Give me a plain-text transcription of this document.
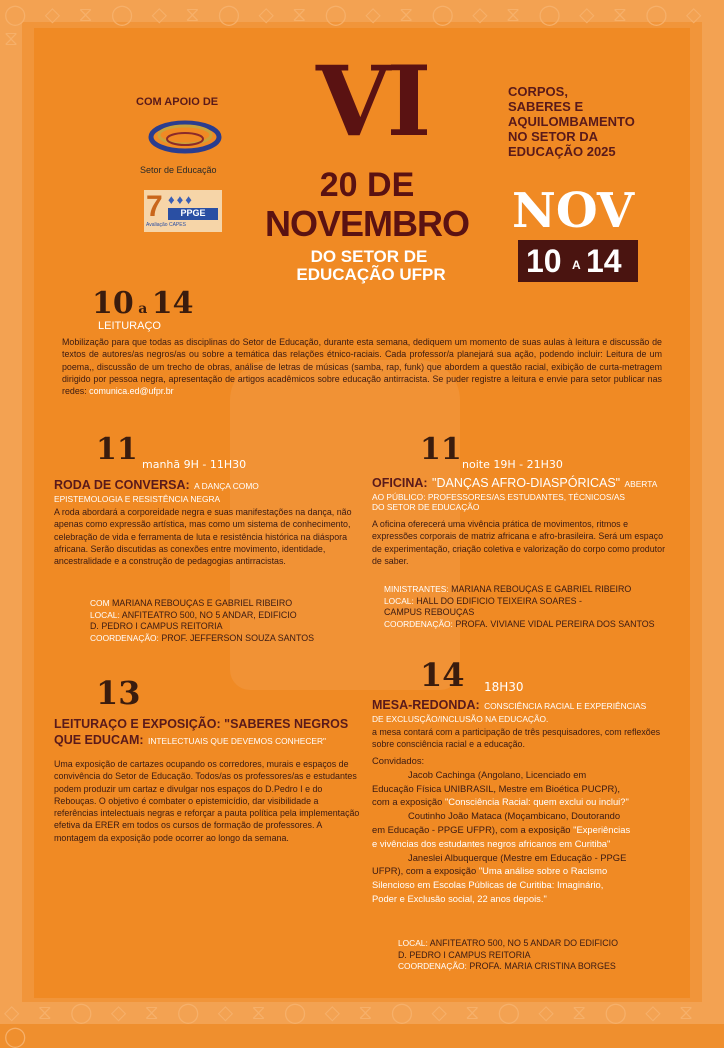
◯ ◇ ⧖ ◯ ◇ ⧖ ◯ ◇ ⧖ ◯ ◇ ⧖ ◯ ◇ ⧖ ◯ ◇ ⧖ ◯ ◇ ⧖
◇ ⧖ ◯ ◇ ⧖ ◯ ◇ ⧖ ◯ ◇ ⧖ ◯ ◇ ⧖ ◯ ◇ ⧖ ◯ ◇ ⧖ ◯
COM APOIO DE
Setor de Educação
7 ♦♦♦
PPGE
Avaliação CAPES
VI
20 DE
NOVEMBRO
DO SETOR DE
EDUCAÇÃO UFPR
CORPOS,
SABERES E
AQUILOMBAMENTO
NO SETOR DA
EDUCAÇÃO 2025
NOV
10 A 14
10 a 14
LEITURAÇO
Mobilização para que todas as disciplinas do Setor de Educação, durante esta semana, dediquem um momento de suas aulas à leitura e discussão de textos de autores/as negros/as ou sobre a temática das relações étnico-raciais. Cada professor/a planejará sua ação, podendo incluir: Leitura de um poema,, discussão de um trecho de obras, análise de letras de músicas (samba, rap, funk) que abordem a questão racial, exibição de curta-metragem dirigido por pessoa negra, apresentação de artigos acadêmicos sobre educação antirracista. Se puder registre a leitura e envie para setor publicar nas redes: comunica.ed@ufpr.br
11 manhã 9H - 11H30
RODA DE CONVERSA: A DANÇA COMO
EPISTEMOLOGIA E RESISTÊNCIA NEGRA
A roda abordará a corporeidade negra e suas manifestações na dança, não apenas como expressão artística, mas como um sistema de conhecimento, celebração de vida e ferramenta de luta e resistência histórica na diáspora africana. Serão discutidas as conexões entre movimento, identidade, ancestralidade e a construção de pedagogias antirracistas.
COM MARIANA REBOUÇAS E GABRIEL RIBEIRO
LOCAL: ANFITEATRO 500, NO 5 ANDAR, EDIFICIO
D. PEDRO I CAMPUS REITORIA
COORDENAÇÃO: PROF. JEFFERSON SOUZA SANTOS
11 noite 19H - 21H30
OFICINA: "DANÇAS AFRO-DIASPÓRICAS" ABERTA
AO PÚBLICO: PROFESSORES/AS ESTUDANTES, TÉCNICOS/AS
DO SETOR DE EDUCAÇÃO
A oficina oferecerá uma vivência prática de movimentos, ritmos e expressões corporais de matriz africana e afro-brasileira. Será um espaço de experimentação, criação coletiva e valorização do corpo como produtor de saber.
MINISTRANTES: MARIANA REBOUÇAS E GABRIEL RIBEIRO
LOCAL: HALL DO EDIFICIO TEIXEIRA SOARES -
CAMPUS REBOUÇAS
COORDENAÇÃO: PROFA. VIVIANE VIDAL PEREIRA DOS SANTOS
13
LEITURAÇO E EXPOSIÇÃO: "SABERES NEGROS
QUE EDUCAM: INTELECTUAIS QUE DEVEMOS CONHECER"
Uma exposição de cartazes ocupando os corredores, murais e espaços de convivência do Setor de Educação. Todos/as os professores/as e estudantes podem produzir um cartaz e divulgar nos espaços do D.Pedro I e do Rebouças. O objetivo é combater o epistemicídio, dar visibilidade a referências intelectuais negras e reforçar a pauta política pela implementação efetiva da ERER em todos os cursos de formação de professores. A montagem da exposição pode ocorrer ao longo da semana.
14 18H30
MESA-REDONDA: CONSCIÊNCIA RACIAL E EXPERIÊNCIAS
DE EXCLUSÇÃO/INCLUSÃO NA EDUCAÇÃO.
a mesa contará com a participação de três pesquisadores, com reflexões sobre consciência racial e a educação.
Convidados:
Jacob Cachinga (Angolano, Licenciado em
Educação Física UNIBRASIL, Mestre em Bioética PUCPR),
com a exposição "Consciência Racial: quem exclui ou inclui?"
Coutinho João Mataca (Moçambicano, Doutorando
em Educação - PPGE UFPR), com a exposição "Experiências
e vivências dos estudantes negros africanos em Curitiba"
Janeslei Albuquerque (Mestre em Educação - PPGE
UFPR), com a exposição "Uma análise sobre o Racismo
Silencioso em Escolas Públicas de Curitiba: Imaginário,
Poder e Exclusão social, 22 anos depois."
LOCAL: ANFITEATRO 500, NO 5 ANDAR DO EDIFICIO
D. PEDRO I CAMPUS REITORIA
COORDENAÇÃO: PROFA. MARIA CRISTINA BORGES
